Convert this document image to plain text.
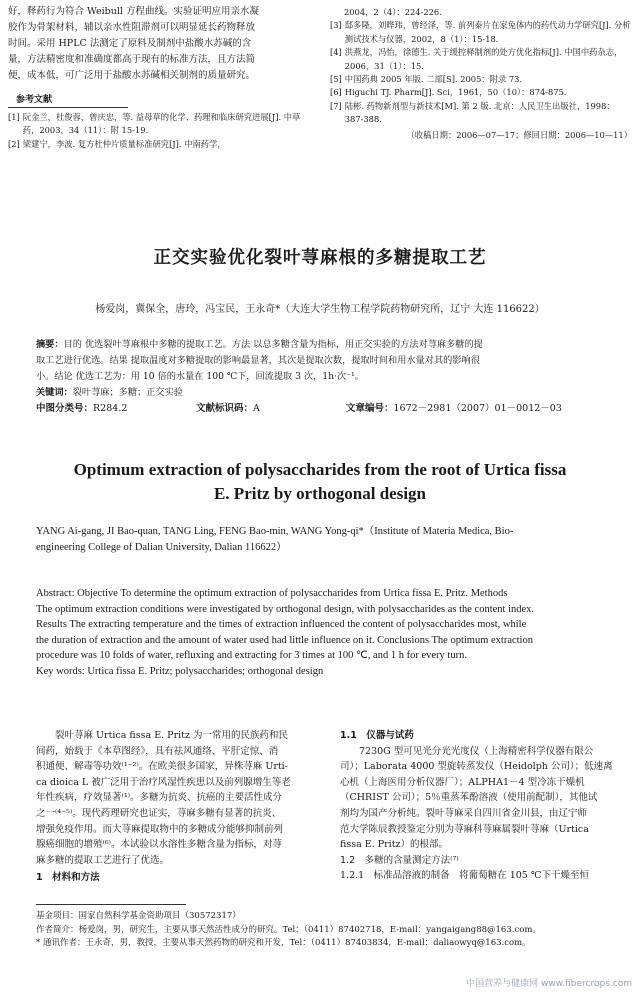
好，释药行为符合 Weibull 方程曲线。实验证明应用亲水凝

胶作为骨架材料，辅以亲水性阻滞剂可以明显延长药物释放

时间。采用 HPLC 法测定了原料及制剂中盐酸水苏碱的含

量，方法精密度和准确度都高于现有的标准方法，且方法简

便，成本低，可广泛用于盐酸水苏碱相关制剂的质量研究。

参考文献

[1] 阮金兰，杜俊蓉，曾庆忠，等. 益母草的化学、药理和临床研究进展[J]. 中草药，2003，34（11）：附 15-19.
[2] 梁建宁，李波. 复方杜仲片质量标准研究[J]. 中南药学，
2004，2（4）：224-226.
[3] 邸多隆，刘晔玮，曾经泽，等. 前列泰片在家兔体内的药代动力学研究[J]. 分析测试技术与仪器，2002，8（1）：15-18.
[4] 洪燕龙，冯怡，徐德生. 关于缓控释制剂的处方优化指标[J]. 中国中药杂志，2006，31（1）：15.
[5] 中国药典 2005 年版. 二部[S]. 2005：附录 73.
[6] Higuchi TJ. Pharm[J]. Sci，1961，50（10）：874-875.
[7] 陆彬. 药物新剂型与新技术[M]. 第 2 版. 北京：人民卫生出版社，1998：387-388.
（收稿日期：2006—07—17；修回日期：2006—10—11）
正交实验优化裂叶荨麻根的多糖提取工艺
杨爱岗，冀保全，唐玲，冯宝民，王永奇*（大连大学生物工程学院药物研究所，辽宁 大连 116622）
摘要：目的 优选裂叶荨麻根中多糖的提取工艺。方法 以总多糖含量为指标，用正交实验的方法对荨麻多糖的提
取工艺进行优选。结果 提取温度对多糖提取的影响最显著，其次是提取次数，提取时间和用水量对其的影响很
小。结论 优选工艺为：用 10 倍的水量在 100 ℃下，回流提取 3 次，1h·次⁻¹。
关键词：裂叶荨麻；多糖；正交实验
中图分类号：R284.2	文献标识码：A	文章编号：1672－2981（2007）01－0012－03
Optimum extraction of polysaccharides from the root of Urtica fissa
E. Pritz by orthogonal design
YANG Ai-gang, JI Bao-quan, TANG Ling, FENG Bao-min, WANG Yong-qi*（Institute of Materia Medica, Bio-
engineering College of Dalian University, Dalian 116622）
Abstract: Objective To determine the optimum extraction of polysaccharides from Urtica fissa E. Pritz. Methods
The optimum extraction conditions were investigated by orthogonal design, with polysaccharides as the content index.
Results The extracting temperature and the times of extraction influenced the content of polysaccharides most, while
the duration of extraction and the amount of water used had little influence on it. Conclusions The optimum extraction
procedure was 10 folds of water, refluxing and extracting for 3 times at 100 ℃, and 1 h for every turn.
Key words: Urtica fissa E. Pritz; polysaccharides; orthogonal design
　　裂叶荨麻 Urtica fissa E. Pritz 为一常用的民族药和民
间药，始载于《本草图经》，具有祛风通络、平肝定惊、消
积通便、解毒等功效⁽¹⁻²⁾。在欧美很多国家，异株荨麻 Urti-
ca dioica L 被广泛用于治疗风湿性疾患以及前列腺增生等老
年性疾病，疗效显著⁽¹⁾。多糖为抗炎、抗癌的主要活性成分
之一⁽⁴⁻⁵⁾。现代药理研究也证实，荨麻多糖有显著的抗炎、
增强免疫作用。而大荨麻提取物中的多糖成分能够抑制前列
腺癌细胞的增殖⁽⁶⁾。本试验以水溶性多糖含量为指标，对荨
麻多糖的提取工艺进行了优选。
1　材料和方法
1.1　仪器与试药
　　7230G 型可见光分光光度仪（上海精密科学仪器有限公
司）；Laborata 4000 型旋转蒸发仪（Heidolph 公司）；低速离
心机（上海医用分析仪器厂）；ALPHA1－4 型冷冻干燥机
（CHRIST 公司）；5％重蒸苯酚溶液（使用前配制），其他试
剂均为国产分析纯。裂叶荨麻采自四川省金川县，由辽宁师
范大学陈辰教授鉴定分别为荨麻科荨麻属裂叶荨麻（Urtica
fissa E. Pritz）的根部。
1.2　多糖的含量测定方法⁽⁷⁾
1.2.1　标准品溶液的制备　将葡萄糖在 105 ℃下干燥至恒
基金项目：国家自然科学基金资助项目（30572317）
作者简介：杨爱岗，男，研究生，主要从事天然活性成分的研究。Tel：（0411）87402718，E-mail：yangaigang88@163.com。
* 通讯作者：王永奇，男，教授，主要从事天然药物的研究和开发，Tel：（0411）87403834，E-mail：daliaowyq@163.com。
中国营养与健康网 www.fibercrops.com
